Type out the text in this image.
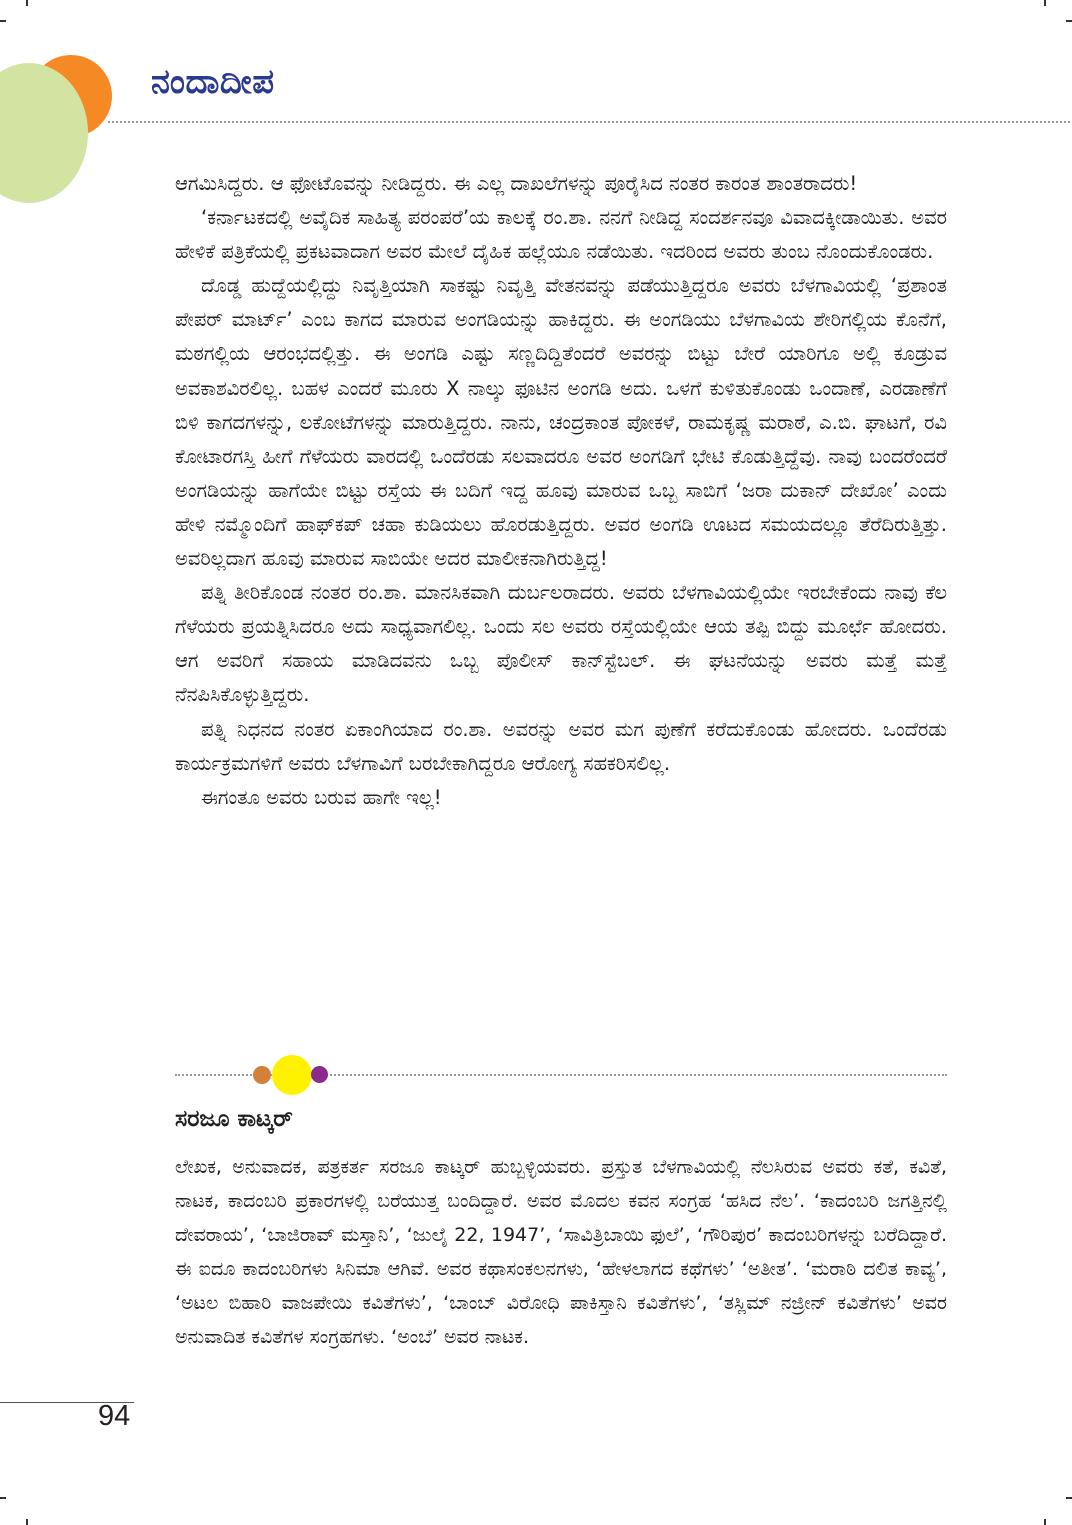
ನಂದಾದೀಪ

ಆಗಮಿಸಿದ್ದರು. ಆ ಫೋಟೊವನ್ನು ನೀಡಿದ್ದರು. ಈ ಎಲ್ಲ ದಾಖಲೆಗಳನ್ನು ಪೂರೈಸಿದ ನಂತರ ಕಾರಂತ ಶಾಂತರಾದರು!

‘ಕರ್ನಾಟಕದಲ್ಲಿ ಅವೈದಿಕ ಸಾಹಿತ್ಯ ಪರಂಪರೆ’ಯ ಕಾಲಕ್ಕೆ ರಂ.ಶಾ. ನನಗೆ ನೀಡಿದ್ದ ಸಂದರ್ಶನವೂ ವಿವಾದಕ್ಕೀಡಾಯಿತು. ಅವರ ಹೇಳಿಕೆ ಪತ್ರಿಕೆಯಲ್ಲಿ ಪ್ರಕಟವಾದಾಗ ಅವರ ಮೇಲೆ ದೈಹಿಕ ಹಲ್ಲೆಯೂ ನಡೆಯಿತು. ಇದರಿಂದ ಅವರು ತುಂಬ ನೊಂದುಕೊಂಡರು.

ದೊಡ್ಡ ಹುದ್ದೆಯಲ್ಲಿದ್ದು ನಿವೃತ್ತಿಯಾಗಿ ಸಾಕಷ್ಟು ನಿವೃತ್ತಿ ವೇತನವನ್ನು ಪಡೆಯುತ್ತಿದ್ದರೂ ಅವರು ಬೆಳಗಾವಿಯಲ್ಲಿ ‘ಪ್ರಶಾಂತ ಪೇಪರ್ ಮಾರ್ಟ್’ ಎಂಬ ಕಾಗದ ಮಾರುವ ಅಂಗಡಿಯನ್ನು ಹಾಕಿದ್ದರು. ಈ ಅಂಗಡಿಯು ಬೆಳಗಾವಿಯ ಶೇರಿಗಲ್ಲಿಯ ಕೊನೆಗೆ, ಮಠಗಲ್ಲಿಯ ಆರಂಭದಲ್ಲಿತ್ತು. ಈ ಅಂಗಡಿ ಎಷ್ಟು ಸಣ್ಣದಿದ್ದಿತೆಂದರೆ ಅವರನ್ನು ಬಿಟ್ಟು ಬೇರೆ ಯಾರಿಗೂ ಅಲ್ಲಿ ಕೂಡ್ರುವ ಅವಕಾಶವಿರಲಿಲ್ಲ. ಬಹಳ ಎಂದರೆ ಮೂರು X ನಾಲ್ಕು ಫೂಟಿನ ಅಂಗಡಿ ಅದು. ಒಳಗೆ ಕುಳಿತುಕೊಂಡು ಒಂದಾಣೆ, ಎರಡಾಣೆಗೆ ಬಿಳಿ ಕಾಗದಗಳನ್ನು, ಲಕೋಟೆಗಳನ್ನು ಮಾರುತ್ತಿದ್ದರು. ನಾನು, ಚಂದ್ರಕಾಂತ ಪೋಕಳೆ, ರಾಮಕೃಷ್ಣ ಮರಾಠೆ, ಎ.ಬಿ. ಘಾಟಗೆ, ರವಿ ಕೋಟಾರಗಸ್ತಿ ಹೀಗೆ ಗೆಳೆಯರು ವಾರದಲ್ಲಿ ಒಂದೆರಡು ಸಲವಾದರೂ ಅವರ ಅಂಗಡಿಗೆ ಭೇಟಿ ಕೊಡುತ್ತಿದ್ದೆವು. ನಾವು ಬಂದರೆಂದರೆ ಅಂಗಡಿಯನ್ನು ಹಾಗೆಯೇ ಬಿಟ್ಟು ರಸ್ತೆಯ ಈ ಬದಿಗೆ ಇದ್ದ ಹೂವು ಮಾರುವ ಒಬ್ಬ ಸಾಬಿಗೆ ‘ಜರಾ ದುಕಾನ್ ದೇಖೋ’ ಎಂದು ಹೇಳಿ ನಮ್ಮೊಂದಿಗೆ ಹಾಫ್‌ಕಪ್ ಚಹಾ ಕುಡಿಯಲು ಹೊರಡುತ್ತಿದ್ದರು. ಅವರ ಅಂಗಡಿ ಊಟದ ಸಮಯದಲ್ಲೂ ತೆರೆದಿರುತ್ತಿತ್ತು. ಅವರಿಲ್ಲದಾಗ ಹೂವು ಮಾರುವ ಸಾಬಿಯೇ ಅದರ ಮಾಲೀಕನಾಗಿರುತ್ತಿದ್ದ!

ಪತ್ನಿ ತೀರಿಕೊಂಡ ನಂತರ ರಂ.ಶಾ. ಮಾನಸಿಕವಾಗಿ ದುರ್ಬಲರಾದರು. ಅವರು ಬೆಳಗಾವಿಯಲ್ಲಿಯೇ ಇರಬೇಕೆಂದು ನಾವು ಕೆಲ ಗೆಳೆಯರು ಪ್ರಯತ್ನಿಸಿದರೂ ಅದು ಸಾಧ್ಯವಾಗಲಿಲ್ಲ. ಒಂದು ಸಲ ಅವರು ರಸ್ತೆಯಲ್ಲಿಯೇ ಆಯ ತಪ್ಪಿ ಬಿದ್ದು ಮೂರ್ಛೆ ಹೋದರು. ಆಗ ಅವರಿಗೆ ಸಹಾಯ ಮಾಡಿದವನು ಒಬ್ಬ ಪೊಲೀಸ್ ಕಾನ್‌ಸ್ಟೆಬಲ್. ಈ ಘಟನೆಯನ್ನು ಅವರು ಮತ್ತೆ ಮತ್ತೆ ನೆನಪಿಸಿಕೊಳ್ಳುತ್ತಿದ್ದರು.

ಪತ್ನಿ ನಿಧನದ ನಂತರ ಏಕಾಂಗಿಯಾದ ರಂ.ಶಾ. ಅವರನ್ನು ಅವರ ಮಗ ಪುಣೆಗೆ ಕರೆದುಕೊಂಡು ಹೋದರು. ಒಂದೆರಡು ಕಾರ್ಯಕ್ರಮಗಳಿಗೆ ಅವರು ಬೆಳಗಾವಿಗೆ ಬರಬೇಕಾಗಿದ್ದರೂ ಆರೋಗ್ಯ ಸಹಕರಿಸಲಿಲ್ಲ.

ಈಗಂತೂ ಅವರು ಬರುವ ಹಾಗೇ ಇಲ್ಲ!

ಸರಜೂ ಕಾಟ್ಕರ್

ಲೇಖಕ, ಅನುವಾದಕ, ಪತ್ರಕರ್ತ ಸರಜೂ ಕಾಟ್ಕರ್ ಹುಬ್ಬಳ್ಳಿಯವರು. ಪ್ರಸ್ತುತ ಬೆಳಗಾವಿಯಲ್ಲಿ ನೆಲಸಿರುವ ಅವರು ಕತೆ, ಕವಿತೆ, ನಾಟಕ, ಕಾದಂಬರಿ ಪ್ರಕಾರಗಳಲ್ಲಿ ಬರೆಯುತ್ತ ಬಂದಿದ್ದಾರೆ. ಅವರ ಮೊದಲ ಕವನ ಸಂಗ್ರಹ ‘ಹಸಿದ ನೆಲ’. ‘ಕಾದಂಬರಿ ಜಗತ್ತಿನಲ್ಲಿ ದೇವರಾಯ’, ‘ಬಾಜಿರಾವ್ ಮಸ್ತಾನಿ’, ‘ಜುಲೈ 22, 1947’, ‘ಸಾವಿತ್ರಿಬಾಯಿ ಫುಲೆ’, ‘ಗೌರಿಪುರ’ ಕಾದಂಬರಿಗಳನ್ನು ಬರೆದಿದ್ದಾರೆ. ಈ ಐದೂ ಕಾದಂಬರಿಗಳು ಸಿನಿಮಾ ಆಗಿವೆ. ಅವರ ಕಥಾಸಂಕಲನಗಳು, ‘ಹೇಳಲಾಗದ ಕಥೆಗಳು’ ‘ಅತೀತ’. ‘ಮರಾಠಿ ದಲಿತ ಕಾವ್ಯ’, ‘ಅಟಲ ಬಿಹಾರಿ ವಾಜಪೇಯಿ ಕವಿತೆಗಳು’, ‘ಬಾಂಬ್ ವಿರೋಧಿ ಪಾಕಿಸ್ತಾನಿ ಕವಿತೆಗಳು’, ‘ತಸ್ಲಿಮ್ ನಜ್ರೀನ್ ಕವಿತೆಗಳು’ ಅವರ ಅನುವಾದಿತ ಕವಿತೆಗಳ ಸಂಗ್ರಹಗಳು. ‘ಅಂಬೆ’ ಅವರ ನಾಟಕ.

94
